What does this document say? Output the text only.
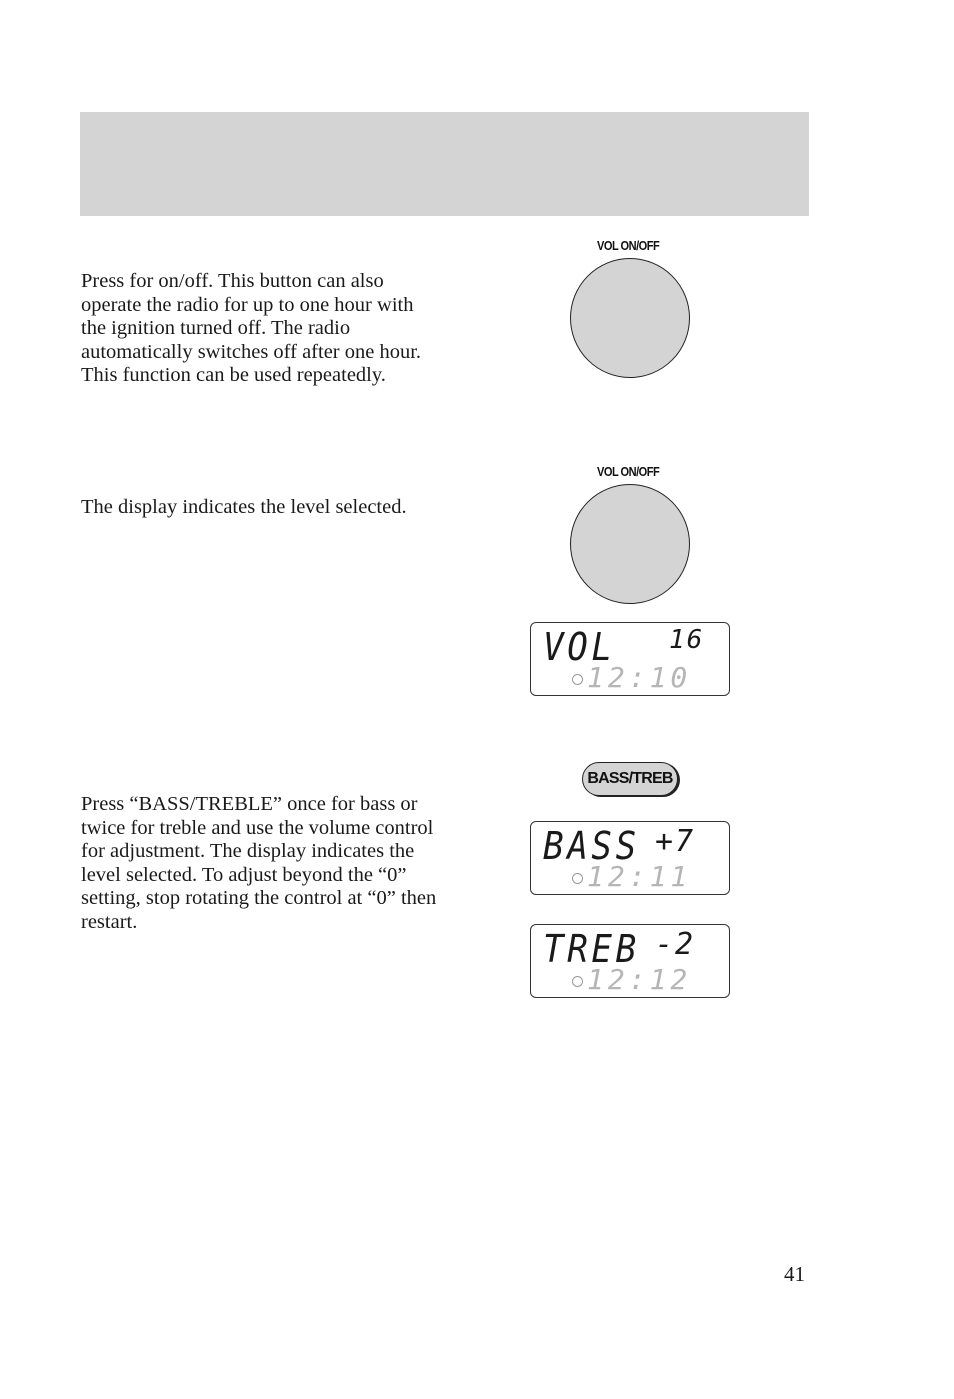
Press for on/off. This button can also operate the radio for up to one hour with the ignition turned off. The radio automatically switches off after one hour. This function can be used repeatedly.

VOL ON/OFF

The display indicates the level selected.

VOL ON/OFF
VOL 16
12:10
BASS/TREB

Press “BASS/TREBLE” once for bass or twice for treble and use the volume control for adjustment. The display indicates the level selected. To adjust beyond the “0” setting, stop rotating the control at “0” then restart.

BASS +7
12:11
TREB -2
12:12
41
